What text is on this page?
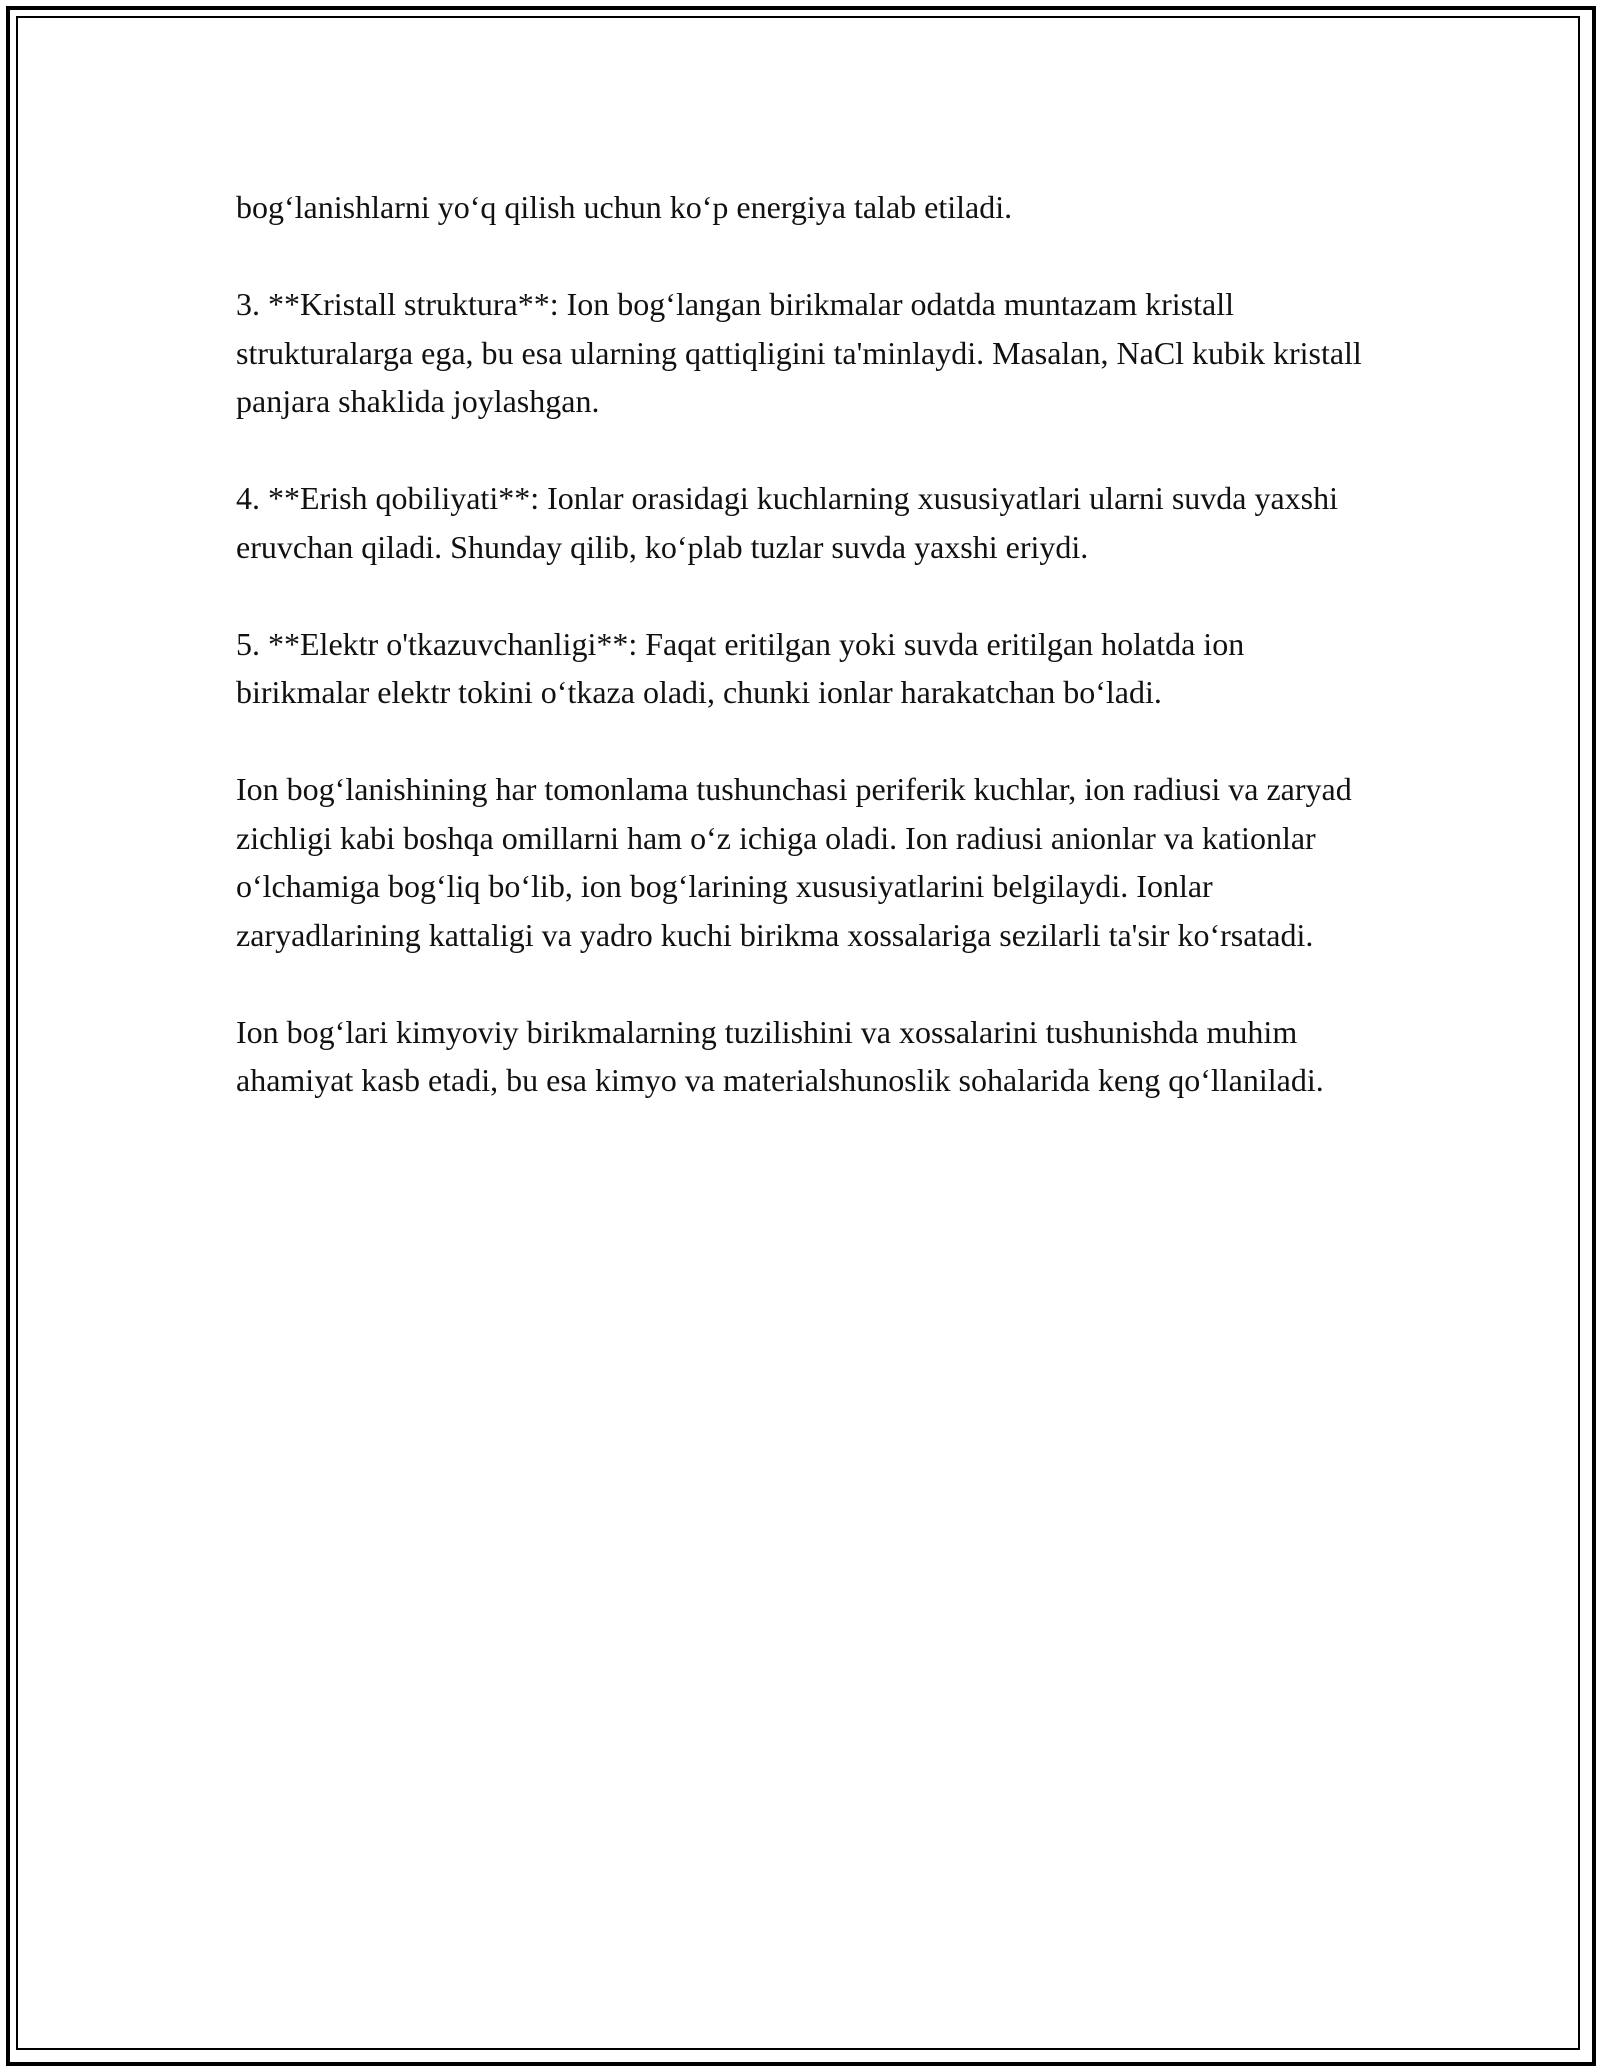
bog‘lanishlarni yo‘q qilish uchun ko‘p energiya talab etiladi.

3. **Kristall struktura**: Ion bog‘langan birikmalar odatda muntazam kristall strukturalarga ega, bu esa ularning qattiqligini ta'minlaydi. Masalan, NaCl kubik kristall panjara shaklida joylashgan.

4. **Erish qobiliyati**: Ionlar orasidagi kuchlarning xususiyatlari ularni suvda yaxshi eruvchan qiladi. Shunday qilib, ko‘plab tuzlar suvda yaxshi eriydi.

5. **Elektr o'tkazuvchanligi**: Faqat eritilgan yoki suvda eritilgan holatda ion birikmalar elektr tokini o‘tkaza oladi, chunki ionlar harakatchan bo‘ladi.

Ion bog‘lanishining har tomonlama tushunchasi periferik kuchlar, ion radiusi va zaryad zichligi kabi boshqa omillarni ham o‘z ichiga oladi. Ion radiusi anionlar va kationlar o‘lchamiga bog‘liq bo‘lib, ion bog‘larining xususiyatlarini belgilaydi. Ionlar zaryadlarining kattaligi va yadro kuchi birikma xossalariga sezilarli ta'sir ko‘rsatadi.

Ion bog‘lari kimyoviy birikmalarning tuzilishini va xossalarini tushunishda muhim ahamiyat kasb etadi, bu esa kimyo va materialshunoslik sohalarida keng qo‘llaniladi.
